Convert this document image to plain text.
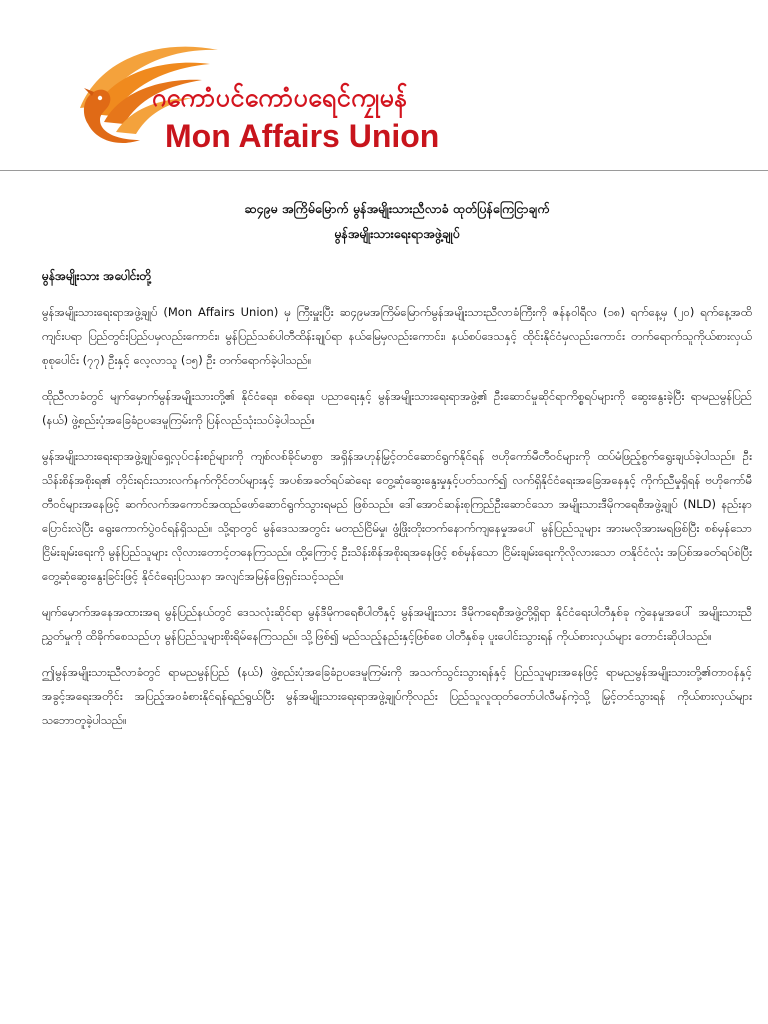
ဂကောံပင်ကောံပရေင်ကၠုမန်
Mon Affairs Union

ဆ၄၉မ အကြိမ်မြောက် မွန်အမျိုးသားညီလာခံ ထုတ်ပြန်ကြေငြာချက်

မွန်အမျိုးသားရေးရာအဖွဲ့ချုပ်

မွန်အမျိုးသား အပေါင်းတို့

မွန်အမျိုးသားရေးရာအဖွဲ့ချုပ် (Mon Affairs Union) မှ ကြီးမှူးပြီး ဆ၄၉မအကြိမ်မြောက်မွန်အမျိုးသားညီလာခံကြီးကို ဇန်နဝါရီလ (၁၈) ရက်နေ့မှ (၂၀) ရက်နေ့အထိကျင်းပရာ ပြည်တွင်းပြည်ပမှလည်းကောင်း၊ မွန်ပြည်သစ်ပါတီထိန်းချုပ်ရာ နယ်မြေမှလည်းကောင်း၊ နယ်စပ်ဒေသနှင့် ထိုင်းနိုင်ငံမှလည်းကောင်း တက်ရောက်သူကိုယ်စားလှယ်စုစုပေါင်း (၇၇) ဦးနှင့် လေ့လာသူ (၁၅) ဦး တက်ရောက်ခဲ့ပါသည်။

ထိုညီလာခံတွင် မျက်မှောက်မွန်အမျိုးသားတို့၏ နိုင်ငံရေး၊ စစ်ရေး၊ ပညာရေးနှင့် မွန်အမျိုးသားရေးရာအဖွဲ့၏ ဦးဆောင်မှုဆိုင်ရာကိစ္စရပ်များကို ဆွေးနွေးခဲ့ပြီး ရာမညမွန်ပြည် (နယ်) ဖွဲ့စည်းပုံအခြေခံဥပဒေမူကြမ်းကို ပြန်လည်သုံးသပ်ခဲ့ပါသည်။

မွန်အမျိုးသားရေးရာအဖွဲ့ချုပ်ရှေ့လုပ်ငန်းစဉ်များကို ကျစ်လစ်ခိုင်မာစွာ အရှိန်အဟုန်မြှင့်တင်ဆောင်ရွက်နိုင်ရန် ဗဟိုကော်မီတီဝင်များကို ထပ်မံဖြည့်စွက်ရွေးချယ်ခဲ့ပါသည်။ ဦးသိန်းစိန်အစိုးရ၏ တိုင်းရင်းသားလက်နက်ကိုင်တပ်များနှင့် အပစ်အခတ်ရပ်ဆဲရေး တွေ့ဆုံဆွေးနွေးမှုနှင့်ပတ်သက်၍ လက်ရှိနိုင်ငံရေးအခြေအနေနှင့် ကိုက်ညီမှုရှိရန် ဗဟိုကော်မီတီဝင်များအနေဖြင့် ဆက်လက်အကောင်အထည်ဖော်ဆောင်ရွက်သွားရမည် ဖြစ်သည်။ ဒေါ်အောင်ဆန်းစုကြည်ဦးဆောင်သော အမျိုးသားဒီမိုကရေစီအဖွဲ့ချုပ် (NLD) နည်းနာ ပြောင်းလဲပြီး ရွေးကောက်ပွဲဝင်ရန်ရှိသည်။ သို့ရာတွင် မွန်ဒေသအတွင်း မတည်ငြိမ်မှု၊ ဖွံ့ဖြိုးတိုးတက်နောက်ကျနေမှုအပေါ် မွန်ပြည်သူများ အားမလိုအားမရဖြစ်ပြီး စစ်မှန်သောငြိမ်းချမ်းရေးကို မွန်ပြည်သူများ လိုလားတောင့်တနေကြသည်။ ထို့ကြောင့် ဦးသိန်းစိန်အစိုးရအနေဖြင့် စစ်မှန်သော ငြိမ်းချမ်းရေးကိုလိုလားသော တနိုင်ငံလုံး အပြစ်အခတ်ရပ်စဲပြီး တွေ့ဆုံဆွေးနွေးခြင်းဖြင့် နိုင်ငံရေးပြဿနာ အလျင်အမြန်ဖြေရှင်းသင့်သည်။

မျက်မှောက်အနေအထားအရ မွန်ပြည်နယ်တွင် ဒေသလုံးဆိုင်ရာ မွန်ဒီမိုကရေစီပါတီနှင့် မွန်အမျိုးသား ဒီမိုကရေစီအဖွဲ့တို့ရှိရာ နိုင်ငံရေးပါတီနှစ်ခု ကွဲနေမှုအပေါ် အမျိုးသားညီညွှတ်မှုကို ထိခိုက်စေသည်ဟု မွန်ပြည်သူများစိုးရိမ်နေကြသည်။ သို့ဖြစ်၍ မည်သည့်နည်းနှင့်ဖြစ်စေ ပါတီနှစ်ခု ပူးပေါင်းသွားရန် ကိုယ်စားလှယ်များ တောင်းဆိုပါသည်။

ဤမွန်အမျိုးသားညီလာခံတွင် ရာမညမွန်ပြည် (နယ်) ဖွဲ့စည်းပုံအခြေခံဥပဒေမူကြမ်းကို အသက်သွင်းသွားရန်နှင့် ပြည်သူများအနေဖြင့် ရာမညမွန်အမျိုးသားတို့၏တာဝန်နှင့် အခွင့်အရေးအတိုင်း အပြည့်အဝခံစားနိုင်ရန်ရည်ရွယ်ပြီး မွန်အမျိုးသားရေးရာအဖွဲ့ချုပ်ကိုလည်း ပြည်သူလူထုတ်တော်ပါလီမန်ကဲ့သို့ မြှင့်တင်သွားရန် ကိုယ်စားလှယ်များ သဘောတူခဲ့ပါသည်။
